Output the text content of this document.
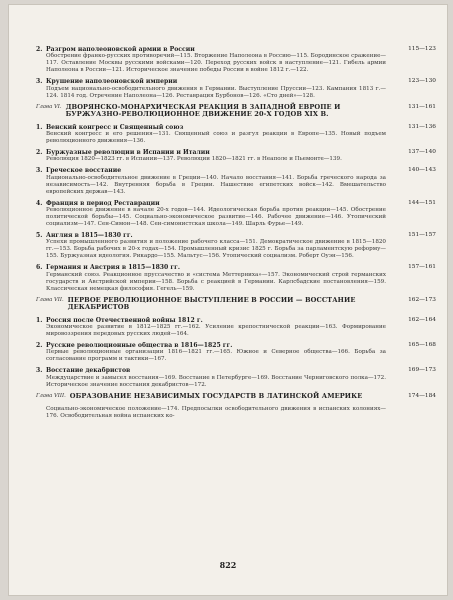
2. Разгром наполеоновской армии в России	115—123
Обострение франко-русских противоречий—115. Вторжение Наполеона в Россию—115. Бородинское сражение—117. Оставление Москвы русскими войсками—120. Переход русских войск в наступление—121. Гибель армии Наполеона в России—121. Историческое значение победы России в войне 1812 г.—122.
3. Крушение наполеоновской империи	123—130
Подъем национально-освободительного движения в Германии. Выступление Пруссии—123. Кампания 1813 г.—124. 1814 год. Отречение Наполеона—126. Реставрация Бурбонов—126. «Сто дней»—128.
Глава VI. ДВОРЯНСКО-МОНАРХИЧЕСКАЯ РЕАКЦИЯ В ЗАПАДНОЙ ЕВРОПЕ И БУРЖУАЗНО-РЕВОЛЮЦИОННОЕ ДВИЖЕНИЕ 20-Х ГОДОВ XIX В.
131—161
1. Венский конгресс и Священный союз	131—136
Венский конгресс и его решения—131. Священный союз и разгул реакции в Европе—135. Новый подъем революционного движения—136.
2. Буржуазные революции в Испании и Италии	137—140
Революция 1820—1823 гг. в Испании—137. Революции 1820—1821 гг. в Неаполе и Пьемонте—139.
3. Греческое восстание	140—143
Национально-освободительное движение в Греции—140. Начало восстания—141. Борьба греческого народа за независимость—142. Внутренняя борьба в Греции. Нашествие египетских войск—142. Вмешательство европейских держав—143.
4. Франция в период Реставрации	144—151
Революционное движение в начале 20-х годов—144. Идеологическая борьба против реакции—145. Обострение политической борьбы—145. Социально-экономическое развитие—146. Рабочее движение—146. Утопический социализм—147. Сен-Симон—148. Сен-симонистская школа—149. Шарль Фурье—149.
5. Англия в 1815—1830 гг.	151—157
Успехи промышленного развития и положение рабочего класса—151. Демократическое движение в 1815—1820 гг.—153. Борьба рабочих в 20-х годах—154. Промышленный кризис 1825 г. Борьба за парламентскую реформу—155. Буржуазная идеология. Рикардо—155. Мальтус—156. Утопический социализм. Роберт Оуэн—156.
6. Германия и Австрия в 1815—1830 гг.	157—161
Германский союз. Реакционное пруссачество и «система Меттерниха»—157. Экономический строй германских государств и Австрийской империи—158. Борьба с реакцией в Германии. Карлсбадские постановления—159. Классическая немецкая философия. Гегель—159.
Глава VII. ПЕРВОЕ РЕВОЛЮЦИОННОЕ ВЫСТУПЛЕНИЕ В РОССИИ — ВОССТАНИЕ ДЕКАБРИСТОВ
162—173
1. Россия после Отечественной войны 1812 г.	162—164
Экономическое развитие в 1812—1825 гг.—162. Усиление крепостнической реакции—163. Формирование мировоззрения передовых русских людей—164.
2. Русские революционные общества в 1816—1825 гг.	165—168
Первые революционные организации 1816—1821 гг.—165. Южное и Северное общества—166. Борьба за согласование программ и тактики—167.
3. Восстание декабристов	169—173
Междуцарствие и замысел восстания—169. Восстание в Петербурге—169. Восстание Черниговского полка—172. Историческое значение восстания декабристов—172.
Глава VIII. ОБРАЗОВАНИЕ НЕЗАВИСИМЫХ ГОСУДАРСТВ В ЛАТИНСКОЙ АМЕРИКЕ	174—184
Социально-экономическое положение—174. Предпосылки освободительного движения в испанских колониях—176. Освободительная война испанских ко-
822
